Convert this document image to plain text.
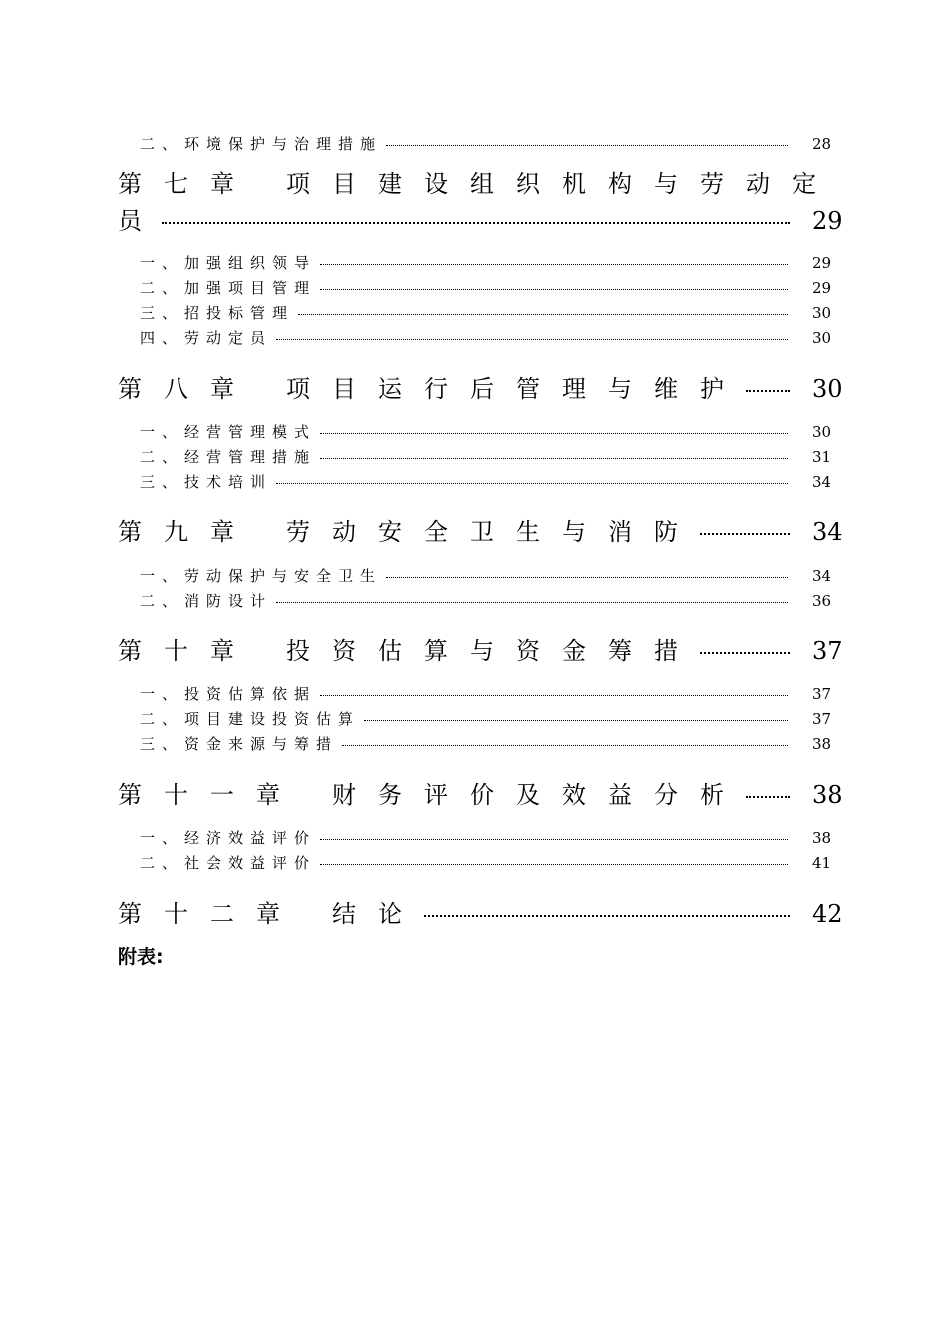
二、环境保护与治理措施	28
第七章	项目建设组织机构与劳动定
员	29
一、加强组织领导	29
二、加强项目管理	29
三、招投标管理	30
四、劳动定员	30
第八章	项目运行后管理与维护	30
一、经营管理模式	30
二、经营管理措施	31
三、技术培训	34
第九章	劳动安全卫生与消防	34
一、劳动保护与安全卫生	34
二、消防设计	36
第十章	投资估算与资金筹措	37
一、投资估算依据	37
二、项目建设投资估算	37
三、资金来源与筹措	38
第十一章	财务评价及效益分析	38
一、经济效益评价	38
二、社会效益评价	41
第十二章	结论	42
附表:
